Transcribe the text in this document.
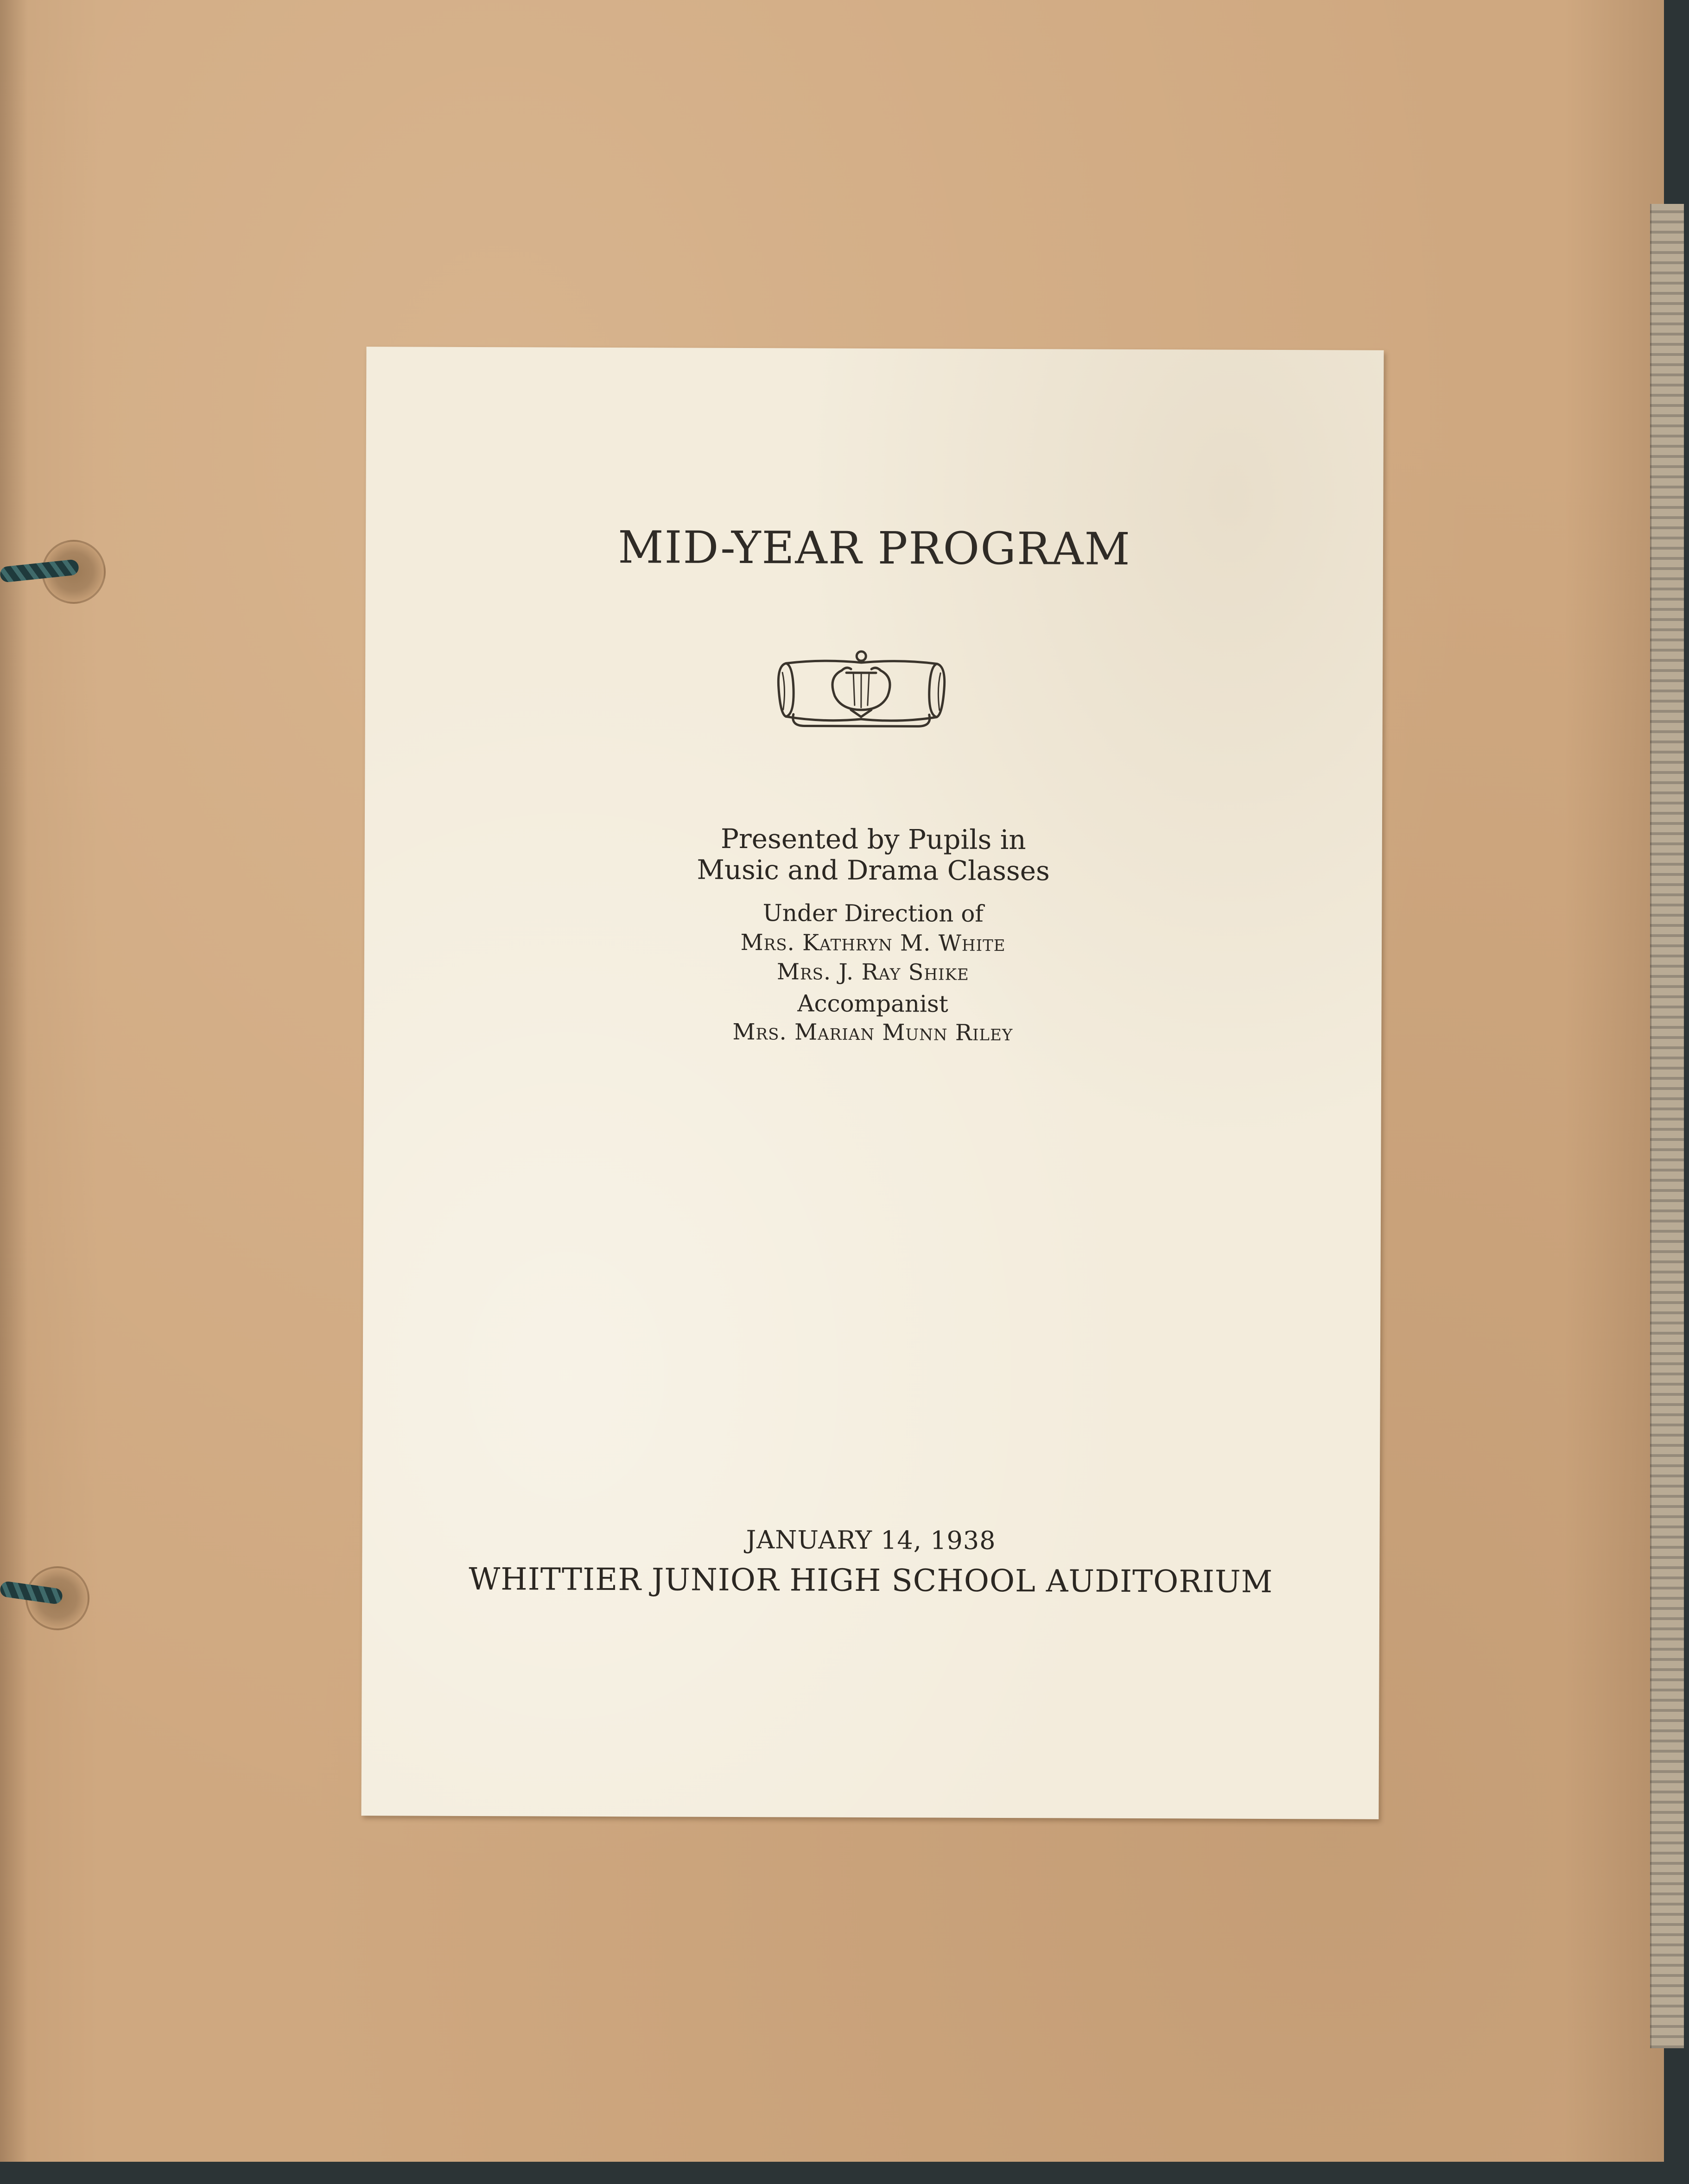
MID-YEAR PROGRAM
Presented by Pupils in
Music and Drama Classes
Under Direction of
Mrs. Kathryn M. White
Mrs. J. Ray Shike
Accompanist
Mrs. Marian Munn Riley
JANUARY 14, 1938
WHITTIER JUNIOR HIGH SCHOOL AUDITORIUM
